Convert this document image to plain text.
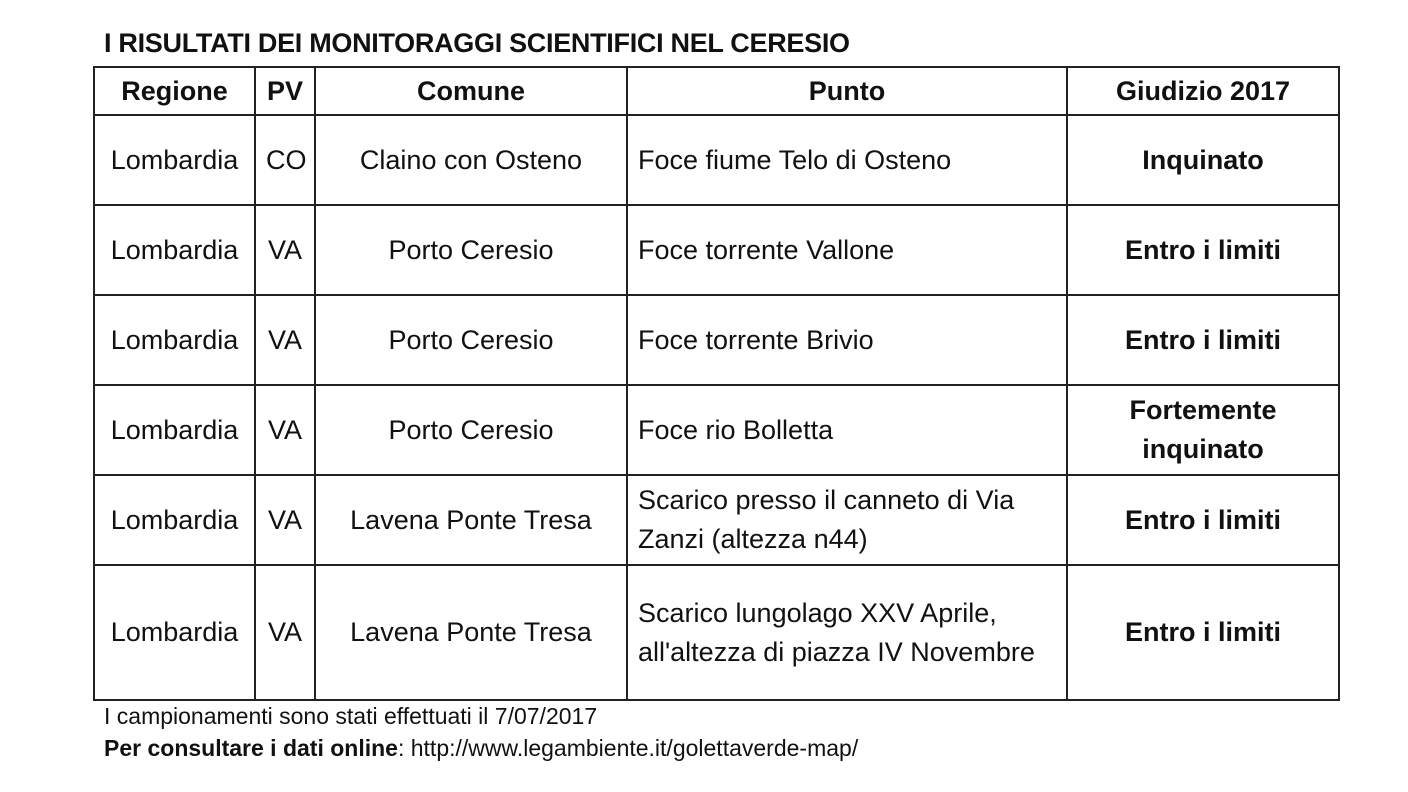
I RISULTATI DEI MONITORAGGI SCIENTIFICI NEL CERESIO
Regione	PV	Comune	Punto	Giudizio 2017
Lombardia	CO	Claino con Osteno	Foce fiume Telo di Osteno	Inquinato
Lombardia	VA	Porto Ceresio	Foce torrente Vallone	Entro i limiti
Lombardia	VA	Porto Ceresio	Foce torrente Brivio	Entro i limiti
Lombardia	VA	Porto Ceresio	Foce rio Bolletta	Fortemente inquinato
Lombardia	VA	Lavena Ponte Tresa	Scarico presso il canneto di Via Zanzi (altezza n44)	Entro i limiti
Lombardia	VA	Lavena Ponte Tresa	Scarico lungolago XXV Aprile, all'altezza di piazza IV Novembre	Entro i limiti
I campionamenti sono stati effettuati il 7/07/2017
Per consultare i dati online: http://www.legambiente.it/golettaverde-map/
